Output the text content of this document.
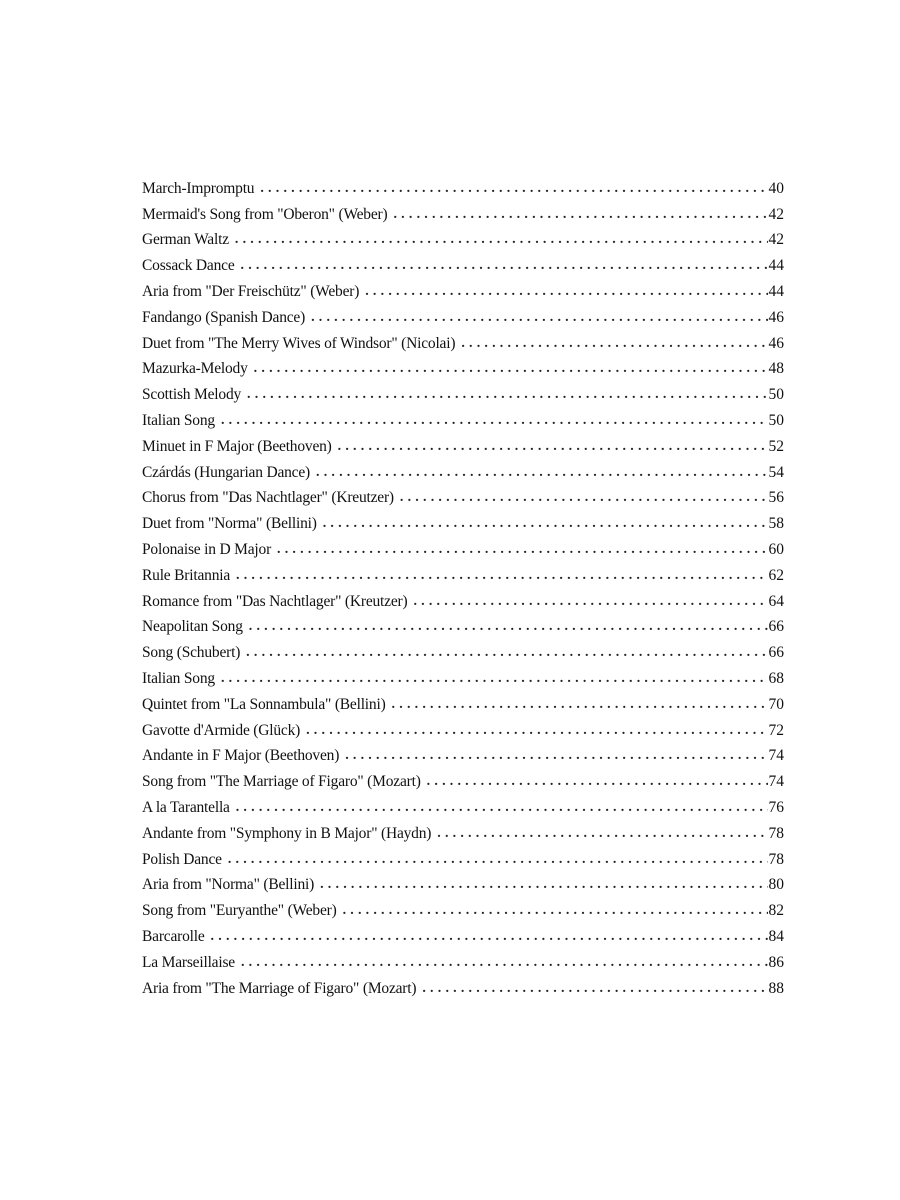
March-Impromptu .....	40
Mermaid's Song from "Oberon" (Weber) .....	42
German Waltz .....	42
Cossack Dance .....	44
Aria from "Der Freischütz" (Weber) .....	44
Fandango (Spanish Dance) .....	46
Duet from "The Merry Wives of Windsor" (Nicolai) .....	46
Mazurka-Melody .....	48
Scottish Melody .....	50
Italian Song .....	50
Minuet in F Major (Beethoven) .....	52
Czárdás (Hungarian Dance) .....	54
Chorus from "Das Nachtlager" (Kreutzer) .....	56
Duet from "Norma" (Bellini) .....	58
Polonaise in D Major .....	60
Rule Britannia .....	62
Romance from "Das Nachtlager" (Kreutzer) .....	64
Neapolitan Song .....	66
Song (Schubert) .....	66
Italian Song .....	68
Quintet from "La Sonnambula" (Bellini) .....	70
Gavotte d'Armide (Glück) .....	72
Andante in F Major (Beethoven) .....	74
Song from "The Marriage of Figaro" (Mozart) .....	74
A la Tarantella .....	76
Andante from "Symphony in B Major" (Haydn) .....	78
Polish Dance .....	78
Aria from "Norma" (Bellini) .....	80
Song from "Euryanthe" (Weber) .....	82
Barcarolle .....	84
La Marseillaise .....	86
Aria from "The Marriage of Figaro" (Mozart) .....	88
